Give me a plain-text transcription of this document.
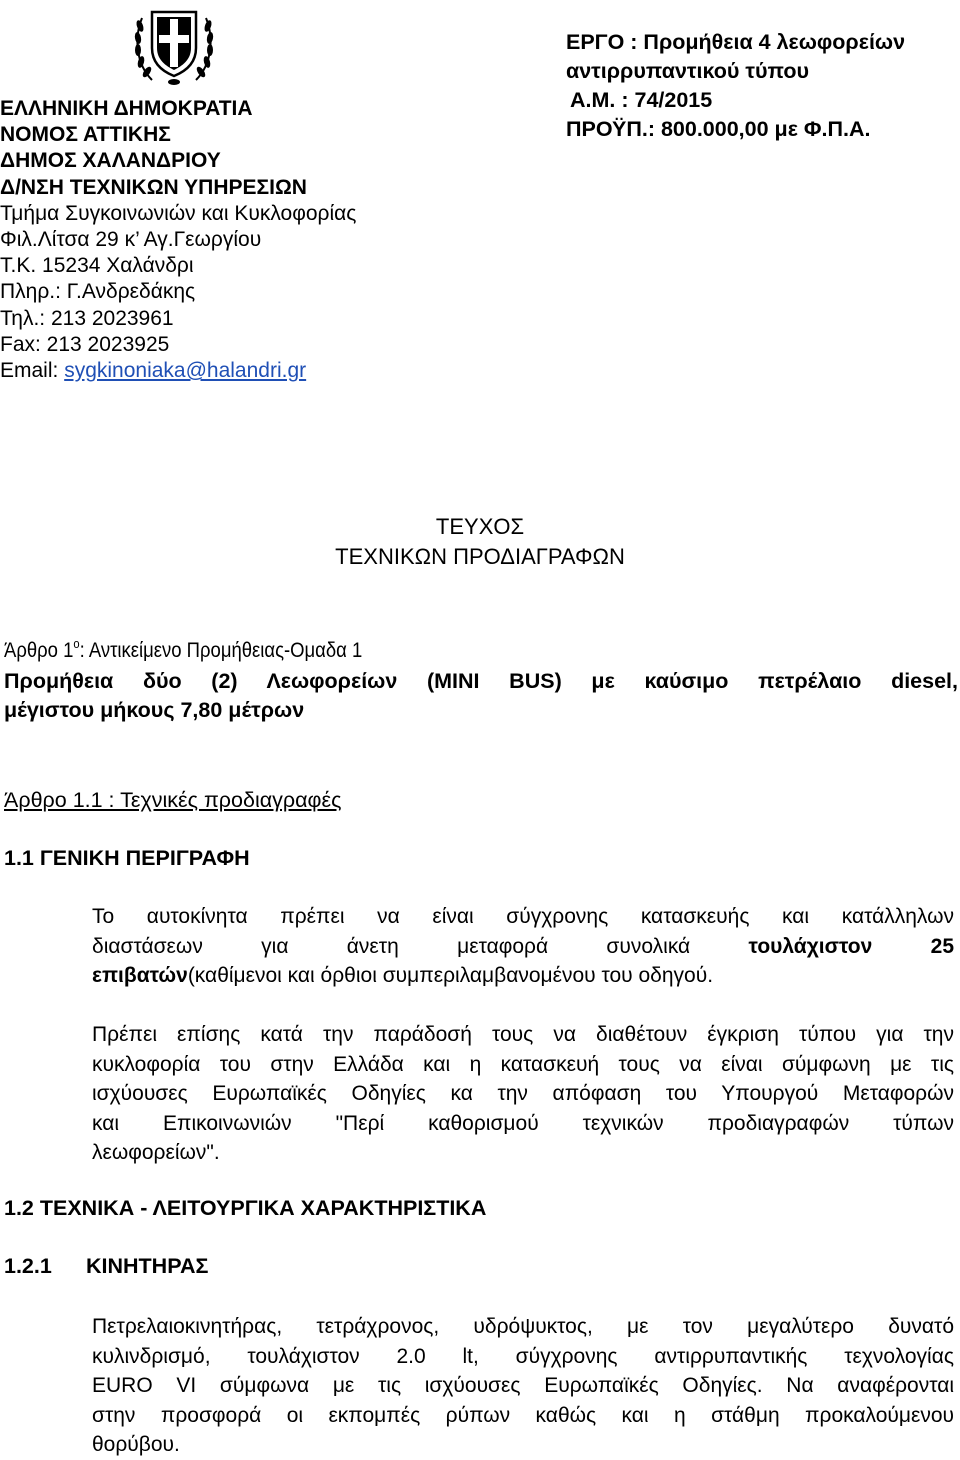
ΕΛΛΗΝΙΚΗ ΔΗΜΟΚΡΑΤΙΑ
ΝΟΜΟΣ ΑΤΤΙΚΗΣ
ΔΗΜΟΣ ΧΑΛΑΝΔΡΙΟΥ
Δ/ΝΣΗ ΤΕΧΝΙΚΩΝ ΥΠΗΡΕΣΙΩΝ
Τμήμα Συγκοινωνιών και Κυκλοφορίας
Φιλ.Λίτσα 29 κ’ Αγ.Γεωργίου
Τ.Κ. 15234 Χαλάνδρι
Πληρ.: Γ.Ανδρεδάκης
Τηλ.: 213 2023961
Fax: 213 2023925
Email: sygkinoniaka@halandri.gr
ΕΡΓΟ : Προμήθεια 4 λεωφορείων
αντιρρυπαντικού τύπου
Α.Μ. : 74/2015
ΠΡΟΫΠ.: 800.000,00 με Φ.Π.Α.
ΤΕΥΧΟΣ
ΤΕΧΝΙΚΩΝ ΠΡΟΔΙΑΓΡΑΦΩΝ
Άρθρο $1^o$: Αντικείμενο Προμήθειας-Ομαδα 1
Προμήθεια δύο (2) Λεωφορείων (MINI BUS) με καύσιμο πετρέλαιο diesel,
μέγιστου μήκους 7,80 μέτρων
Άρθρο 1.1 : Τεχνικές προδιαγραφές
1.1 ΓΕΝΙΚΗ ΠΕΡΙΓΡΑΦΗ
Το αυτοκίνητα πρέπει να είναι σύγχρονης κατασκευής και κατάλληλων
διαστάσεων για άνετη μεταφορά συνολικά τουλάχιστον 25
επιβατών(καθίμενοι και όρθιοι συμπεριλαμβανομένου του οδηγού.
Πρέπει επίσης κατά την παράδοσή τους να διαθέτουν έγκριση τύπου για την
κυκλοφορία του στην Ελλάδα και η κατασκευή τους να είναι σύμφωνη με τις
ισχύουσες Ευρωπαϊκές Οδηγίες κα την απόφαση του Υπουργού Μεταφορών
και Επικοινωνιών "Περί καθορισμού τεχνικών προδιαγραφών τύπων
λεωφορείων".
1.2 ΤΕΧΝΙΚΑ - ΛΕΙΤΟΥΡΓΙΚΑ ΧΑΡΑΚΤΗΡΙΣΤΙΚΑ
1.2.1 ΚΙΝΗΤΗΡΑΣ
Πετρελαιοκινητήρας, τετράχρονος, υδρόψυκτος, με τον μεγαλύτερο δυνατό
κυλινδρισμό, τουλάχιστον 2.0 lt, σύγχρονης αντιρρυπαντικής τεχνολογίας
EURO VI σύμφωνα με τις ισχύουσες Ευρωπαϊκές Οδηγίες. Να αναφέρονται
στην προσφορά οι εκπομπές ρύπων καθώς και η στάθμη προκαλούμενου
θορύβου.
